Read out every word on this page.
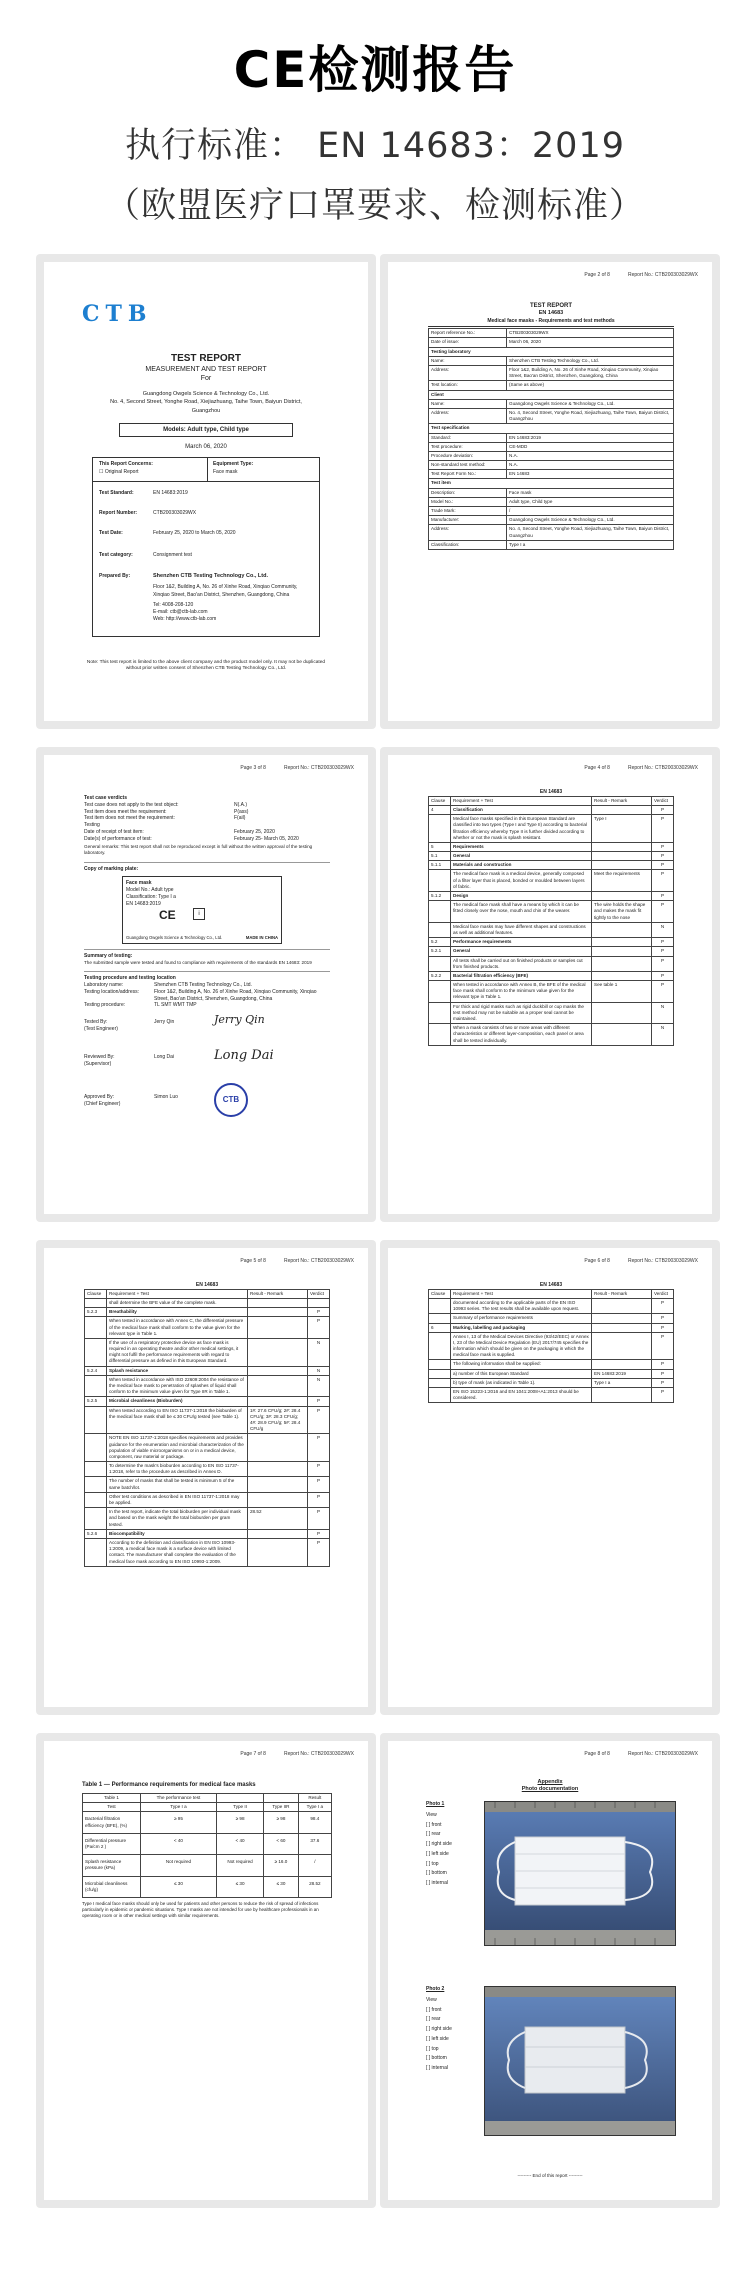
CE检测报告
执行标准： EN 14683：2019
（欧盟医疗口罩要求、检测标准）
CTB
TEST REPORT
MEASUREMENT AND TEST REPORT
For
Guangdong Owgels Science & Technology Co., Ltd.
No. 4, Second Street, Yonghe Road, Xiejiazhuang, Taihe Town, Baiyun District,
Guangzhou
Models: Adult type, Child type
March 06, 2020
This Report Concerns:
☐ Original Report
Equipment Type:
Face mask
Test Standard:	EN 14683:2019
Report Number:	CTB200303029WX
Test Date:	February 25, 2020 to March 05, 2020
Test category:	Consignment test
Prepared By:	Shenzhen CTB Testing Technology Co., Ltd.
Floor 1&2, Building A, No. 26 of Xinhe Road, Xinqiao Community,
Xinqiao Street, Bao'an District, Shenzhen, Guangdong, China
Tel: 4008-208-120
E-mail: ctb@ctb-lab.com
Web: http://www.ctb-lab.com
Note: This test report is limited to the above client company and the product model only. It may not be duplicated without prior written consent of Shenzhen CTB Testing Technology Co., Ltd.
Page 2 of 8	Report No.: CTB200303029WX
TEST REPORT
EN 14683
Medical face masks - Requirements and test methods
Report reference No.:	CTB200303029WX
Date of issue:	March 06, 2020
Testing laboratory	
Name:	Shenzhen CTB Testing Technology Co., Ltd.
Address:	Floor 1&2, Building A, No. 26 of Xinhe Road, Xinqiao Community, Xinqiao Street, Bao'an District, Shenzhen, Guangdong, China
Test location:	(Same as above)
Client	
Name:	Guangdong Owgels Science & Technology Co., Ltd.
Address:	No. 4, Second Street, Yonghe Road, Xiejiazhuang, Taihe Town, Baiyun District, Guangzhou
Test specification	
Standard:	EN 14683:2019
Test procedure:	CE-MDD
Procedure deviation:	N.A.
Non-standard test method:	N.A.
Test Report Form No.:	EN 14683
Test item	
Description:	Face mask
Model No.:	Adult type, Child type
Trade Mark:	/
Manufacturer:	Guangdong Owgels Science & Technology Co., Ltd.
Address:	No. 4, Second Street, Yonghe Road, Xiejiazhuang, Taihe Town, Baiyun District, Guangzhou
Classification:	Type I a
Page 3 of 8	Report No.: CTB200303029WX
Test case verdicts
Test case does not apply to the test object:	N(.A.)
Test item does meet the requirement:	P(ass)
Test item does not meet the requirement:	F(ail)
Testing
Date of receipt of test item:	February 25, 2020
Date(s) of performance of test:	February 25- March 05, 2020
General remarks: This test report shall not be reproduced except in full without the written approval of the testing laboratory.
Copy of marking plate:
Face mask
Model No.: Adult type
Classification: Type I a
EN 14683:2019
CE	i
Guangdong Owgels Science & Technology Co., Ltd.	MADE IN CHINA
Summary of testing:
The submitted sample were tested and found to compliance with requirements of the standards EN 14683: 2019
Testing procedure and testing location
Laboratory name:	Shenzhen CTB Testing Technology Co., Ltd.
Testing location/address:	Floor 1&2, Building A, No. 26 of Xinhe Road, Xinqiao Community, Xinqiao Street, Bao'an District, Shenzhen, Guangdong, China
Testing procedure:	TL SMT WMT TMP
Tested By:
(Test Engineer)
Jerry Qin	Jerry Qin
Reviewed By:
(Supervisor)
Long Dai	Long Dai
Approved By:
(Chief Engineer)
Simon Luo	CTB
Page 4 of 8	Report No.: CTB200303029WX
EN 14683
Clause	Requirement + Test	Result - Remark	Verdict
4	Classification		P
	Medical face masks specified in this European Standard are classified into two types (Type I and Type II) according to bacterial filtration efficiency whereby Type II is further divided according to whether or not the mask is splash resistant.	Type I	P
5	Requirements		P
5.1	General		P
5.1.1	Materials and construction		P
	The medical face mask is a medical device, generally composed of a filter layer that is placed, bonded or moulded between layers of fabric.	Meet the requirements	P
5.1.2	Design		P
	The medical face mask shall have a means by which it can be fitted closely over the nose, mouth and chin of the wearer.	The wire holds the shape and makes the mask fit tightly to the nose	P
	Medical face masks may have different shapes and constructions as well as additional features.		N
5.2	Performance requirements		P
5.2.1	General		P
	All tests shall be carried out on finished products or samples cut from finished products.		P
5.2.2	Bacterial filtration efficiency (BFE)		P
	When tested in accordance with Annex B, the BFE of the medical face mask shall conform to the minimum value given for the relevant type in Table 1.	See table 1	P
	For thick and rigid masks such as rigid duckbill or cup masks the test method may not be suitable as a proper seal cannot be maintained.		N
	When a mask consists of two or more areas with different characteristics or different layer-composition, each panel or area shall be tested individually.		N
Page 5 of 8	Report No.: CTB200303029WX
EN 14683
Clause	Requirement + Test	Result - Remark	Verdict
	shall determine the BFE value of the complete mask.		
5.2.3	Breathability		P
	When tested in accordance with Annex C, the differential pressure of the medical face mask shall conform to the value given for the relevant type in Table 1.		P
	If the use of a respiratory protective device as face mask is required in an operating theatre and/or other medical settings, it might not fulfil the performance requirements with regard to differential pressure as defined in this European Standard.		N
5.2.4	Splash resistance		N
	When tested in accordance with ISO 22609:2004 the resistance of the medical face mask to penetration of splashes of liquid shall conform to the minimum value given for Type IIR in Table 1.		N
5.2.5	Microbial cleanliness (Bioburden)		P
	When tested according to EN ISO 11737-1:2018 the bioburden of the medical face mask shall be ≤ 30 CFU/g tested (see Table 1).	1#: 27.6 CFU/g; 2#: 28.4 CFU/g; 3#: 28.3 CFU/g; 4#: 28.9 CFU/g; 5#: 28.4 CFU/g	P
	NOTE EN ISO 11737-1:2018 specifies requirements and provides guidance for the enumeration and microbial characterization of the population of viable microorganisms on or in a medical device, component, raw material or package.		P
	To determine the mask's bioburden according to EN ISO 11737-1:2018, refer to the procedure as described in Annex D.		P
	The number of masks that shall be tested is minimum 5 of the same batch/lot.		P
	Other test conditions as described in EN ISO 11737-1:2018 may be applied.		P
	In the test report, indicate the total bioburden per individual mask and based on the mask weight the total bioburden per gram tested.	28.52	P
5.2.6	Biocompatibility		P
	According to the definition and classification in EN ISO 10993-1:2009, a medical face mask is a surface device with limited contact. The manufacturer shall complete the evaluation of the medical face mask according to EN ISO 10993-1:2009.		P
Page 6 of 8	Report No.: CTB200303029WX
EN 14683
Clause	Requirement + Test	Result - Remark	Verdict
	documented according to the applicable parts of the EN ISO 10993 series. The test results shall be available upon request.		P
	Summary of performance requirements		P
6	Marking, labelling and packaging		P
	Annex I, 13 of the Medical Devices Directive (93/42/EEC) or Annex I, 23 of the Medical Device Regulation (EU) 2017/745 specifies the information which should be given on the packaging in which the medical face mask is supplied.		P
	The following information shall be supplied:		P
	a) number of this European Standard	EN 14683:2019	P
	b) type of mask (as indicated in Table 1).	Type I a	P
	EN ISO 15223-1:2016 and EN 1041:2008+A1:2013 should be considered.		P
Page 7 of 8	Report No.: CTB200303029WX
Table 1 — Performance requirements for medical face masks
Table 1	The performance test			Result
Test	Type I a	Type II	Type IIR	Type I a
Bacterial filtration efficiency (BFE), (%)	≥ 95	≥ 98	≥ 98	98.4
Differential pressure (Pa/cm 2 )	< 40	< 40	< 60	37.6
Splash resistance pressure (kPa)	Not required	Not required	≥ 16.0	/
Microbial cleanliness (cfu/g)	≤ 30	≤ 30	≤ 30	28.52
Type I medical face masks should only be used for patients and other persons to reduce the risk of spread of infections particularly in epidemic or pandemic situations. Type I masks are not intended for use by healthcare professionals in an operating room or in other medical settings with similar requirements.
Page 8 of 8	Report No.: CTB200303029WX
Appendix
Photo documentation
Photo 1
View
[ ] front
[ ] rear
[ ] right side
[ ] left side
[ ] top
[ ] bottom
[ ] internal
Photo 2
View
[ ] front
[ ] rear
[ ] right side
[ ] left side
[ ] top
[ ] bottom
[ ] internal
--------- End of this report ---------
